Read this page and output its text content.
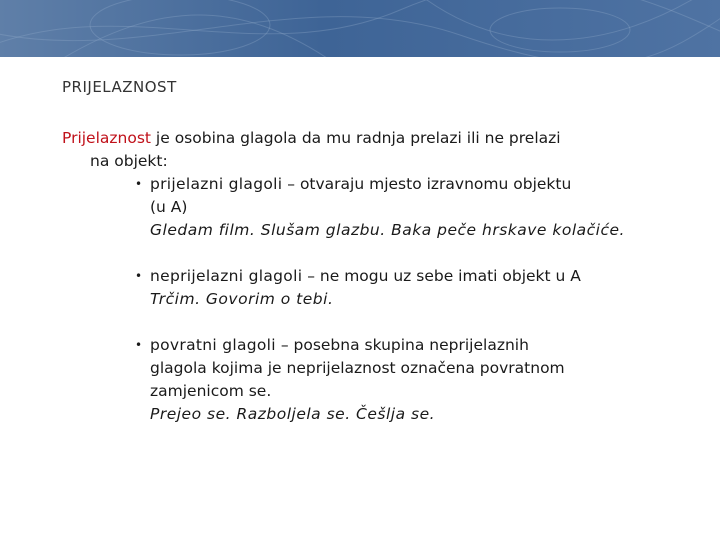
PRIJELAZNOST

Prijelaznost je osobina glagola da mu radnja prelazi ili ne prelazi
na objekt:

• prijelazni glagoli – otvaraju mjesto izravnomu objektu
(u A)
Gledam film. Slušam glazbu. Baka peče hrskave kolačiće.
• neprijelazni glagoli – ne mogu uz sebe imati objekt u A
Trčim. Govorim o tebi.
• povratni glagoli – posebna skupina neprijelaznih
glagola kojima je neprijelaznost označena povratnom
zamjenicom se.
Prejeo se. Razboljela se. Češlja se.
